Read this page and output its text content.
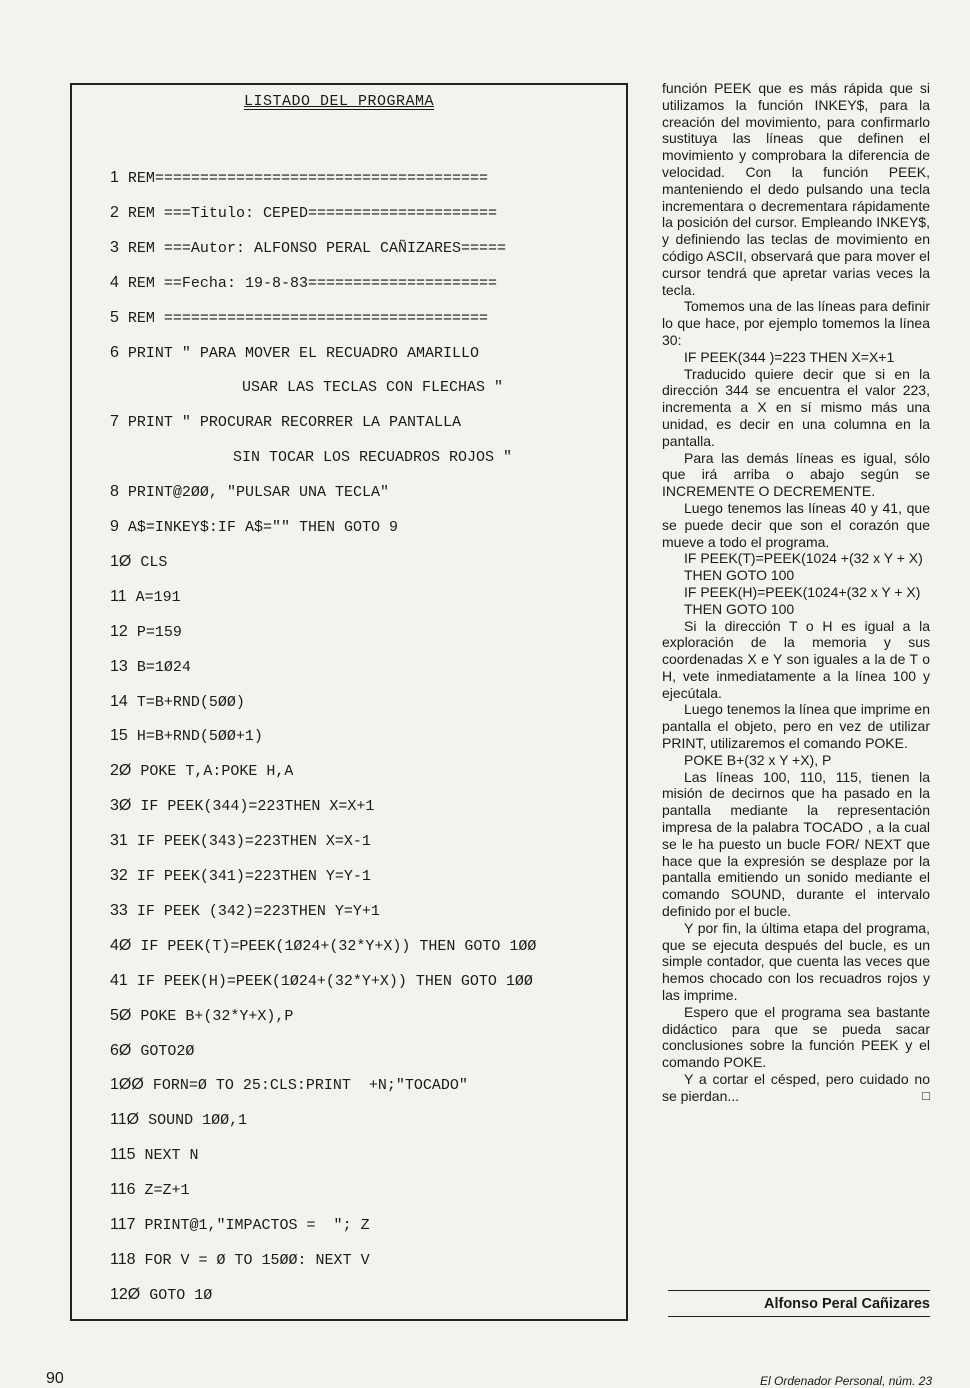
LISTADO DEL PROGRAMA
1 REM=====================================
2 REM ===Titulo: CEPED=====================
3 REM ===Autor: ALFONSO PERAL CAÑIZARES=====
4 REM ==Fecha: 19-8-83=====================
5 REM ====================================
6 PRINT " PARA MOVER EL RECUADRO AMARILLO
USAR LAS TECLAS CON FLECHAS "
7 PRINT " PROCURAR RECORRER LA PANTALLA
SIN TOCAR LOS RECUADROS ROJOS "
8 PRINT@2ØØ, "PULSAR UNA TECLA"
9 A$=INKEY$:IF A$="" THEN GOTO 9
1Ø CLS
11 A=191
12 P=159
13 B=1Ø24
14 T=B+RND(5ØØ)
15 H=B+RND(5ØØ+1)
2Ø POKE T,A:POKE H,A
3Ø IF PEEK(344)=223THEN X=X+1
31 IF PEEK(343)=223THEN X=X-1
32 IF PEEK(341)=223THEN Y=Y-1
33 IF PEEK (342)=223THEN Y=Y+1
4Ø IF PEEK(T)=PEEK(1Ø24+(32*Y+X)) THEN GOTO 1ØØ
41 IF PEEK(H)=PEEK(1Ø24+(32*Y+X)) THEN GOTO 1ØØ
5Ø POKE B+(32*Y+X),P
6Ø GOTO2Ø
1ØØ FORN=Ø TO 25:CLS:PRINT  +N;"TOCADO"
11Ø SOUND 1ØØ,1
115 NEXT N
116 Z=Z+1
117 PRINT@1,"IMPACTOS =  "; Z
118 FOR V = Ø TO 15ØØ: NEXT V
12Ø GOTO 1Ø

función PEEK que es más rápida que si utilizamos la función INKEY$, para la creación del movimiento, para confirmarlo sustituya las líneas que definen el movimiento y comprobara la diferencia de velocidad. Con la función PEEK, manteniendo el dedo pulsando una tecla incrementara o decrementara rápidamente la posición del cursor. Empleando INKEY$, y definiendo las teclas de movimiento en código ASCII, observará que para mover el cursor tendrá que apretar varias veces la tecla.

Tomemos una de las líneas para definir lo que hace, por ejemplo tomemos la línea 30:

IF PEEK(344 )=223 THEN X=X+1

Traducido quiere decir que si en la dirección 344 se encuentra el valor 223, incrementa a X en sí mismo más una unidad, es decir en una columna en la pantalla.

Para las demás líneas es igual, sólo que irá arriba o abajo según se INCREMENTE O DECREMENTE.

Luego tenemos las líneas 40 y 41, que se puede decir que son el corazón que mueve a todo el programa.

IF PEEK(T)=PEEK(1024 +(32 x Y + X) THEN GOTO 100

IF PEEK(H)=PEEK(1024+(32 x Y + X) THEN GOTO 100

Si la dirección T o H es igual a la exploración de la memoria y sus coordenadas X e Y son iguales a la de T o H, vete inmediatamente a la línea 100 y ejecútala.

Luego tenemos la línea que imprime en pantalla el objeto, pero en vez de utilizar PRINT, utilizaremos el comando POKE.

POKE B+(32 x Y +X), P

Las líneas 100, 110, 115, tienen la misión de decirnos que ha pasado en la pantalla mediante la representación impresa de la palabra TOCADO , a la cual se le ha puesto un bucle FOR/ NEXT que hace que la expresión se desplaze por la pantalla emitiendo un sonido mediante el comando SOUND, durante el intervalo definido por el bucle.

Y por fin, la última etapa del programa, que se ejecuta después del bucle, es un simple contador, que cuenta las veces que hemos chocado con los recuadros rojos y las imprime.

Espero que el programa sea bastante didáctico para que se pueda sacar conclusiones sobre la función PEEK y el comando POKE.

Y a cortar el césped, pero cuidado no se pierdan...	□

Alfonso Peral Cañizares
90	El Ordenador Personal, núm. 23
